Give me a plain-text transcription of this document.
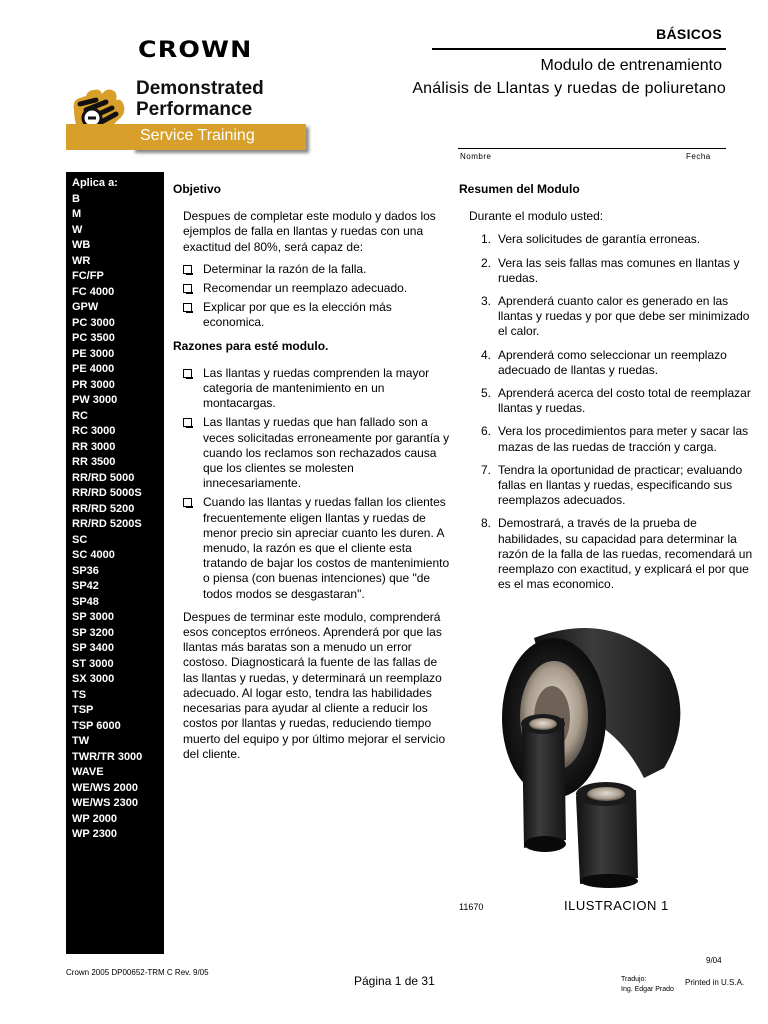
BÁSICOS
Modulo de entrenamiento
Análisis de Llantas y ruedas de poliuretano
CROWN
Demonstrated
Performance
Service Training
Nombre	Fecha
Aplica a:
B
M
W
WB
WR
FC/FP
FC 4000
GPW
PC 3000
PC 3500
PE 3000
PE 4000
PR 3000
PW 3000
RC
RC 3000
RR 3000
RR 3500
RR/RD 5000
RR/RD 5000S
RR/RD 5200
RR/RD 5200S
SC
SC 4000
SP36
SP42
SP48
SP 3000
SP 3200
SP 3400
ST 3000
SX 3000
TS
TSP
TSP 6000
TW
TWR/TR 3000
WAVE
WE/WS 2000
WE/WS 2300
WP 2000
WP 2300
Objetivo

Despues de completar este modulo y dados los ejemplos de falla en llantas y ruedas con una exactitud del 80%, será capaz de:

Determinar la razón de la falla.
Recomendar un reemplazo adecuado.
Explicar por que es la elección más economica.
Razones para esté modulo.
Las llantas y ruedas comprenden la mayor categoria de mantenimiento en un montacargas.
Las llantas y ruedas que han fallado son a veces solicitadas erroneamente por garantía y cuando los reclamos son rechazados causa que los clientes se molesten innecesariamente.
Cuando las llantas y ruedas fallan los clientes frecuentemente eligen llantas y ruedas de menor precio sin apreciar cuanto les duren. A menudo, la razón es que el cliente esta tratando de bajar los costos de mantenimiento o piensa (con buenas intenciones) que "de todos modos se desgastaran".

Despues de terminar este modulo, comprenderá esos conceptos erróneos. Aprenderá por que las llantas más baratas son a menudo un error costoso. Diagnosticará la fuente de las fallas de las llantas y ruedas, y determinará un reemplazo adecuado. Al logar esto, tendra las habilidades necesarias para ayudar al cliente a reducir los costos por llantas y ruedas, reduciendo tiempo muerto del equipo y por último mejorar el servicio del cliente.

Resumen del Modulo

Durante el modulo usted:

1. Vera solicitudes de garantía erroneas.
2. Vera las seis fallas mas comunes en llantas y ruedas.
3. Aprenderá cuanto calor es generado en las llantas y ruedas y por que debe ser minimizado el calor.
4. Aprenderá como seleccionar un reemplazo adecuado de llantas y ruedas.
5. Aprenderá acerca del costo total de reemplazar llantas y ruedas.
6. Vera los procedimientos para meter y sacar las mazas de las ruedas de tracción y carga.
7. Tendra la oportunidad de practicar; evaluando fallas en llantas y ruedas, especificando sus reemplazos adecuados.
8. Demostrará, a través de la prueba de habilidades, su capacidad para determinar la razón de la falla de las ruedas, recomendará un reemplazo con exactitud, y explicará el por que es el mas economico.
11670	ILUSTRACION 1
9/04
Crown 2005 DP00652-TRM C Rev. 9/05
Página 1 de 31	Tradujo:
Ing. Edgar Prado
Printed in U.S.A.
